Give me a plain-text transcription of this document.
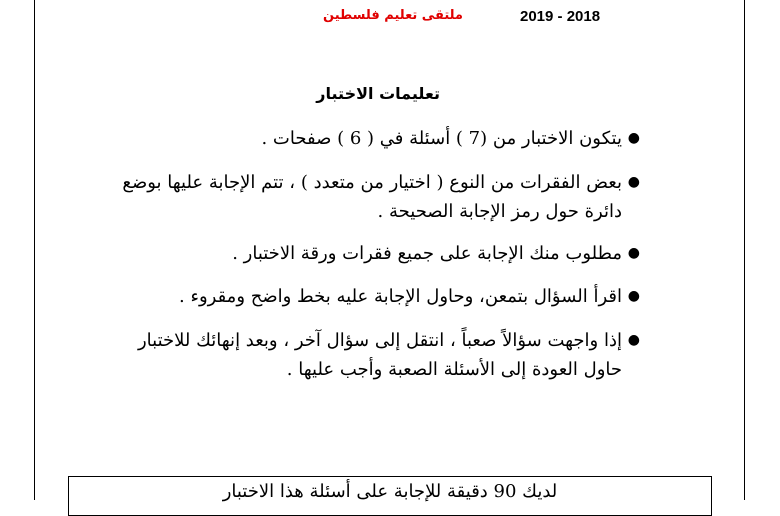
ملتقى تعليم فلسطين	2019 - 2018
تعليمات الاختبار
●
يتكون الاختبار من (7 ) أسئلة في ( 6 ) صفحات .
●
بعض الفقرات من النوع ( اختيار من متعدد ) ، تتم الإجابة عليها بوضع دائرة حول رمز الإجابة الصحيحة .
●
مطلوب منك الإجابة على جميع فقرات ورقة الاختبار .
●
اقرأ السؤال بتمعن، وحاول الإجابة عليه بخط واضح ومقروء .
●
إذا واجهت سؤالاً صعباً ، انتقل إلى سؤال آخر ، وبعد إنهائك للاختبار حاول العودة إلى الأسئلة الصعبة وأجب عليها .
لديك 90 دقيقة للإجابة على أسئلة هذا الاختبار
